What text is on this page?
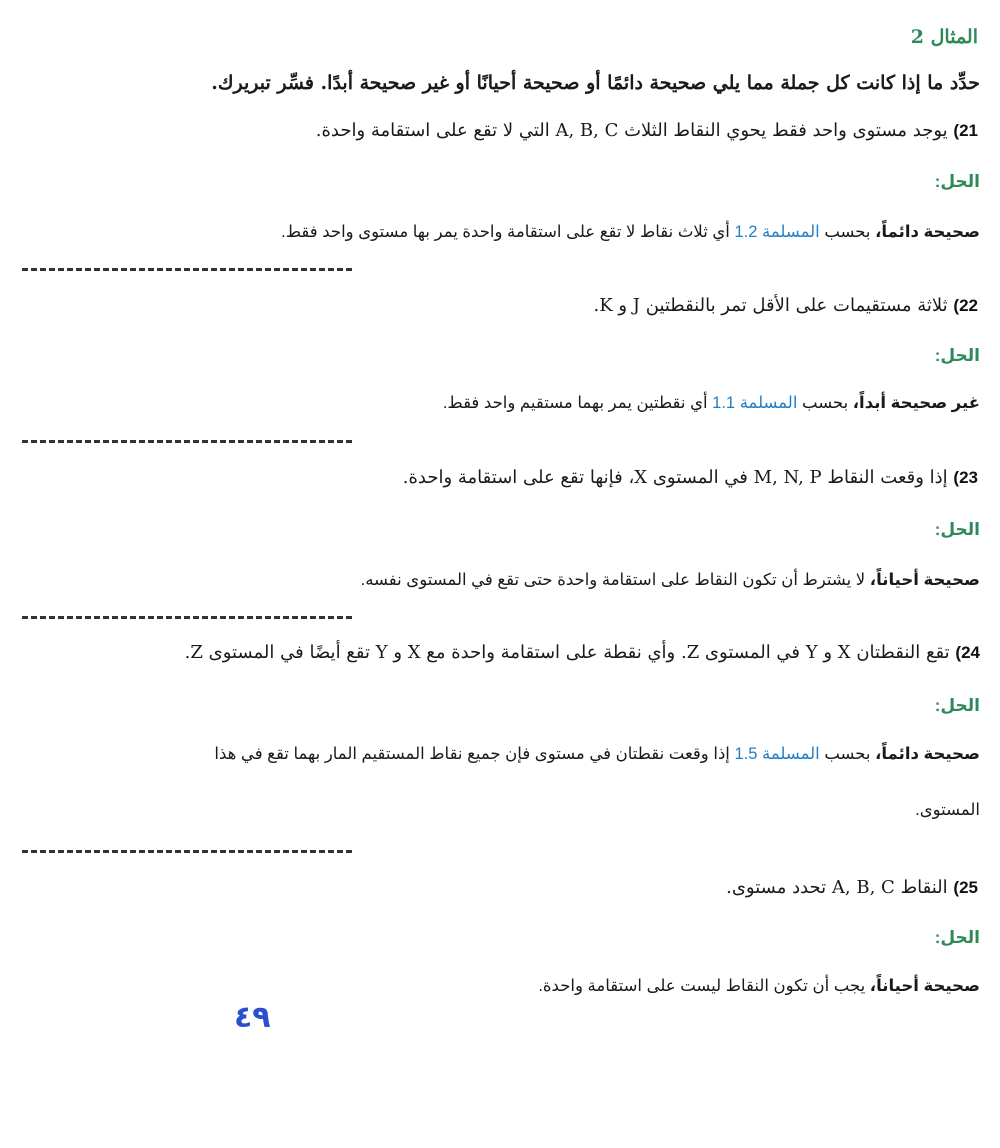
المثال 2
حدِّد ما إذا كانت كل جملة مما يلي صحيحة دائمًا أو صحيحة أحيانًا أو غير صحيحة أبدًا. فسِّر تبريرك.
21) يوجد مستوى واحد فقط يحوي النقاط الثلاث A, B, C التي لا تقع على استقامة واحدة.
الحل:
صحيحة دائماً، بحسب المسلمة 1.2 أي ثلاث نقاط لا تقع على استقامة واحدة يمر بها مستوى واحد فقط.
22) ثلاثة مستقيمات على الأقل تمر بالنقطتين J و K.
الحل:
غير صحيحة أبداً، بحسب المسلمة 1.1 أي نقطتين يمر بهما مستقيم واحد فقط.
23) إذا وقعت النقاط M, N, P في المستوى X، فإنها تقع على استقامة واحدة.
الحل:
صحيحة أحياناً، لا يشترط أن تكون النقاط على استقامة واحدة حتى تقع في المستوى نفسه.
24) تقع النقطتان X و Y في المستوى Z. وأي نقطة على استقامة واحدة مع X و Y تقع أيضًا في المستوى Z.
الحل:
صحيحة دائماً، بحسب المسلمة 1.5 إذا وقعت نقطتان في مستوى فإن جميع نقاط المستقيم المار بهما تقع في هذا
المستوى.
25) النقاط A, B, C تحدد مستوى.
الحل:
صحيحة أحياناً، يجب أن تكون النقاط ليست على استقامة واحدة.
٤٩
